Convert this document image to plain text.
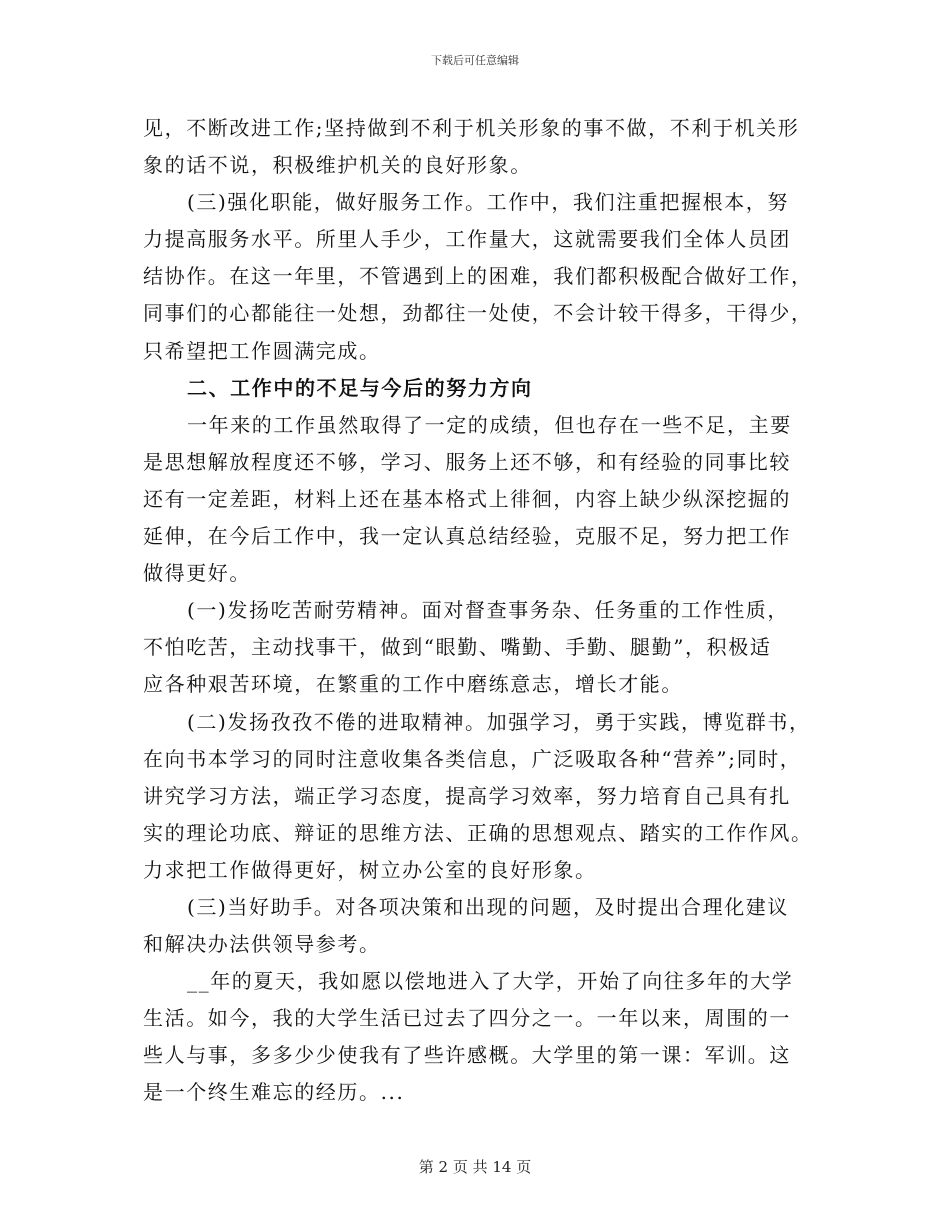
下载后可任意编辑
见，不断改进工作;坚持做到不利于机关形象的事不做，不利于机关形
象的话不说，积极维护机关的良好形象。
(三)强化职能，做好服务工作。工作中，我们注重把握根本，努
力提高服务水平。所里人手少，工作量大，这就需要我们全体人员团
结协作。在这一年里，不管遇到上的困难，我们都积极配合做好工作，
同事们的心都能往一处想，劲都往一处使，不会计较干得多，干得少，
只希望把工作圆满完成。
二、工作中的不足与今后的努力方向
一年来的工作虽然取得了一定的成绩，但也存在一些不足，主要
是思想解放程度还不够，学习、服务上还不够，和有经验的同事比较
还有一定差距，材料上还在基本格式上徘徊，内容上缺少纵深挖掘的
延伸，在今后工作中，我一定认真总结经验，克服不足，努力把工作
做得更好。
(一)发扬吃苦耐劳精神。面对督查事务杂、任务重的工作性质，
不怕吃苦，主动找事干，做到“眼勤、嘴勤、手勤、腿勤”，积极适
应各种艰苦环境，在繁重的工作中磨练意志，增长才能。
(二)发扬孜孜不倦的进取精神。加强学习，勇于实践，博览群书，
在向书本学习的同时注意收集各类信息，广泛吸取各种“营养”;同时，
讲究学习方法，端正学习态度，提高学习效率，努力培育自己具有扎
实的理论功底、辩证的思维方法、正确的思想观点、踏实的工作作风。
力求把工作做得更好，树立办公室的良好形象。
(三)当好助手。对各项决策和出现的问题，及时提出合理化建议
和解决办法供领导参考。
__年的夏天，我如愿以偿地进入了大学，开始了向往多年的大学
生活。如今，我的大学生活已过去了四分之一。一年以来，周围的一
些人与事，多多少少使我有了些许感概。大学里的第一课：军训。这
是一个终生难忘的经历。...
第 2 页 共 14 页
